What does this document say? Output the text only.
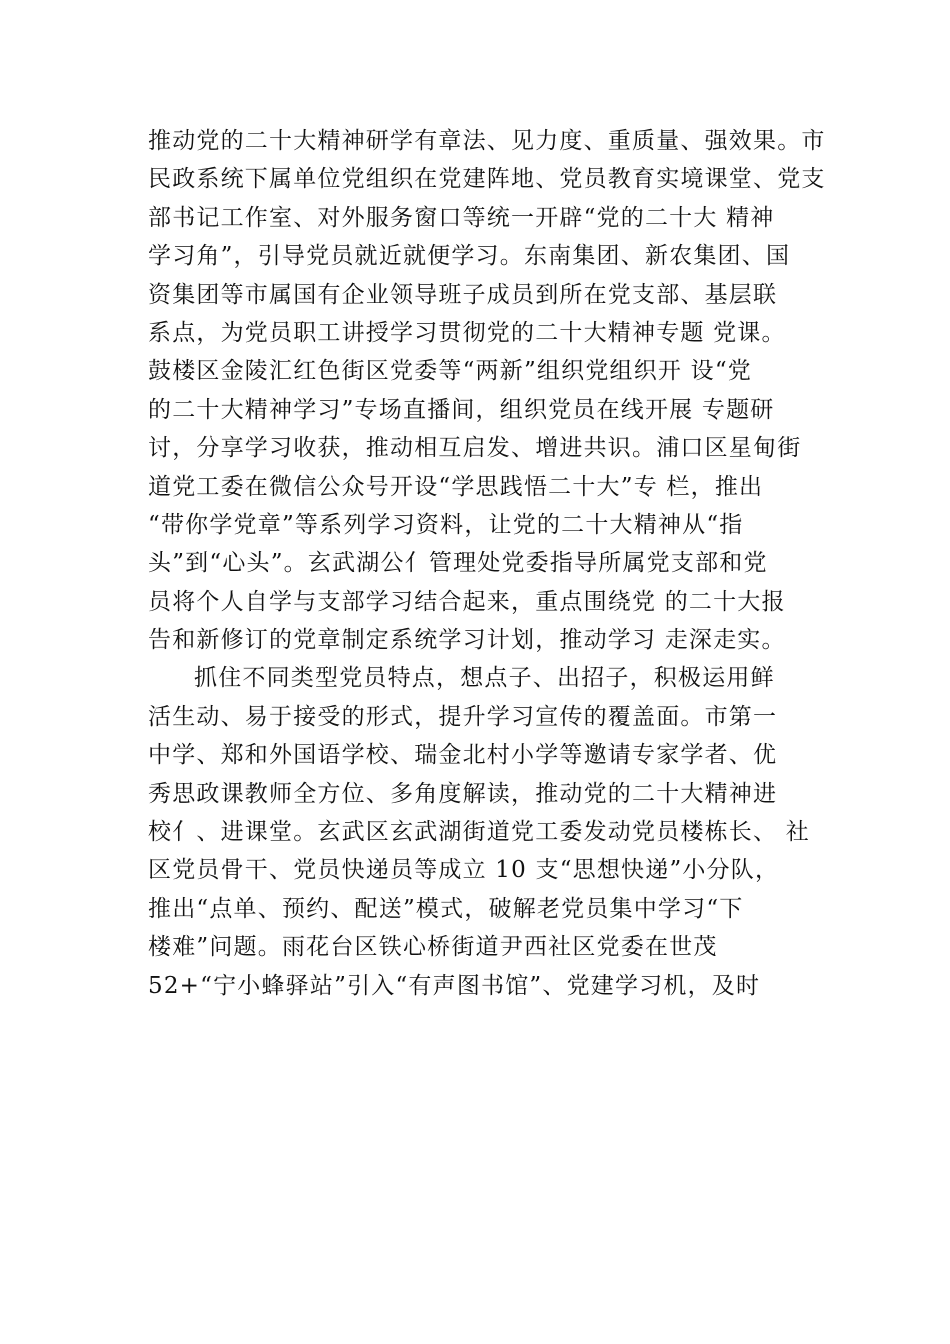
推动党的二十大精神研学有章法、见力度、重质量、强效果。市
民政系统下属单位党组织在党建阵地、党员教育实境课堂、党支
部书记工作室、对外服务窗口等统一开辟“党的二十大 精神
学习角”，引导党员就近就便学习。东南集团、新农集团、国
资集团等市属国有企业领导班子成员到所在党支部、基层联
系点，为党员职工讲授学习贯彻党的二十大精神专题 党课。
鼓楼区金陵汇红色街区党委等“两新”组织党组织开 设“党
的二十大精神学习”专场直播间，组织党员在线开展 专题研
讨，分享学习收获，推动相互启发、增进共识。浦口区星甸街
道党工委在微信公众号开设“学思践悟二十大”专 栏，推出
“带你学党章”等系列学习资料，让党的二十大精神从“指
头”到“心头”。玄武湖公⺅管理处党委指导所属党支部和党
员将个人自学与支部学习结合起来，重点围绕党 的二十大报
告和新修订的党章制定系统学习计划，推动学习 走深走实。
抓住不同类型党员特点，想点子、出招子，积极运用鲜
活生动、易于接受的形式，提升学习宣传的覆盖面。市第一
中学、郑和外国语学校、瑞金北村小学等邀请专家学者、优
秀思政课教师全方位、多角度解读，推动党的二十大精神进
校⺅、进课堂。玄武区玄武湖街道党工委发动党员楼栋长、 社
区党员骨干、党员快递员等成立 10 支“思想快递”小分队，
推出“点单、预约、配送”模式，破解老党员集中学习“下
楼难”问题。雨花台区铁心桥街道尹西社区党委在世茂
52+“宁小蜂驿站”引入“有声图书馆”、党建学习机，及时
